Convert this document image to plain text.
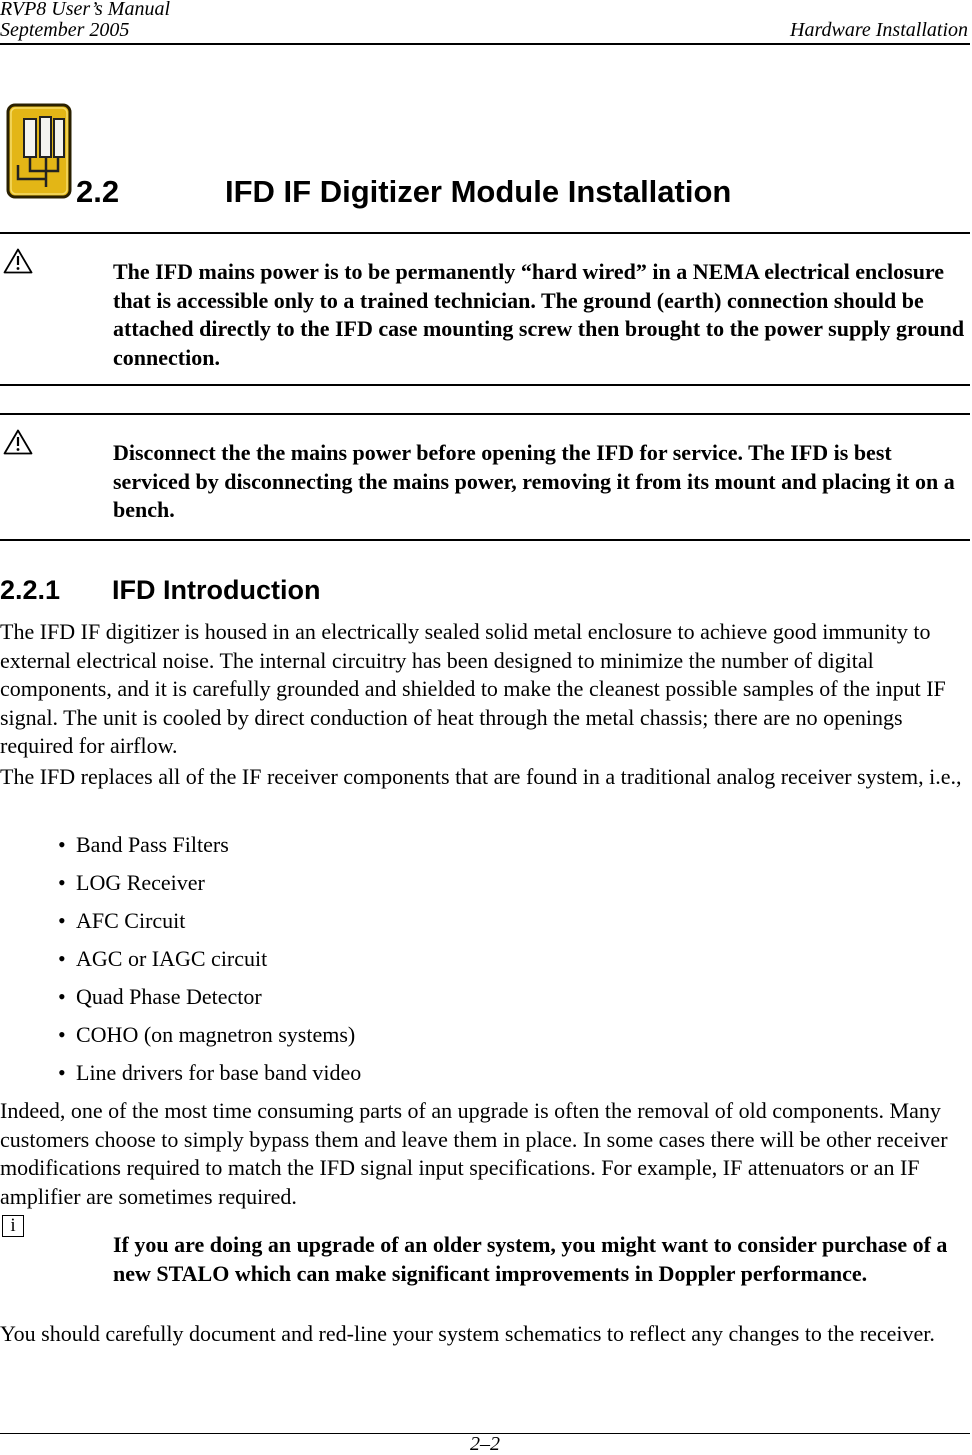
RVP8 User’s Manual
September 2005	Hardware Installation
2.2	IFD IF Digitizer Module Installation
The IFD mains power is to be permanently “hard wired” in a NEMA electrical enclosure that is accessible only to a trained technician. The ground (earth) connection should be attached directly to the IFD case mounting screw then brought to the power supply ground connection.
Disconnect the the mains power before opening the IFD for service. The IFD is best serviced by disconnecting the mains power, removing it from its mount and placing it on a bench.
2.2.1 IFD Introduction

The IFD IF digitizer is housed in an electrically sealed solid metal enclosure to achieve good immunity to external electrical noise. The internal circuitry has been designed to minimize the number of digital components, and it is carefully grounded and shielded to make the cleanest possible samples of the input IF signal. The unit is cooled by direct conduction of heat through the metal chassis; there are no openings required for airflow.

The IFD replaces all of the IF receiver components that are found in a traditional analog receiver system, i.e.,

• Band Pass Filters
• LOG Receiver
• AFC Circuit
• AGC or IAGC circuit
• Quad Phase Detector
• COHO (on magnetron systems)
• Line drivers for base band video

Indeed, one of the most time consuming parts of an upgrade is often the removal of old components. Many customers choose to simply bypass them and leave them in place. In some cases there will be other receiver modifications required to match the IFD signal input specifications. For example, IF attenuators or an IF amplifier are sometimes required.

i
If you are doing an upgrade of an older system, you might want to consider purchase of a new STALO which can make significant improvements in Doppler performance.

You should carefully document and red-line your system schematics to reflect any changes to the receiver.

2–2
